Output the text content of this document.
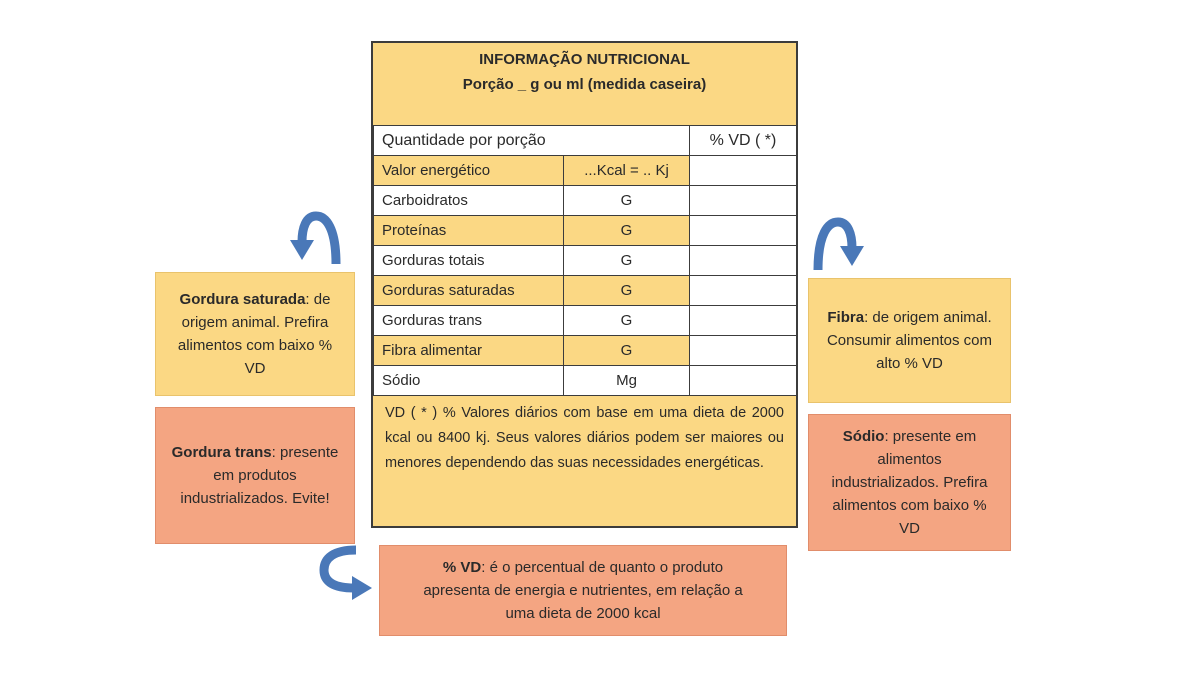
INFORMAÇÃO NUTRICIONAL
Porção _ g ou ml (medida caseira)
Quantidade por porção		% VD ( *)
Valor energético	...Kcal = .. Kj	
Carboidratos	G	
Proteínas	G	
Gorduras totais	G	
Gorduras saturadas	G	
Gorduras trans	G	
Fibra alimentar	G	
Sódio	Mg	
VD ( * ) % Valores diários com base em uma dieta de 2000 kcal ou 8400 kj. Seus valores diários podem ser maiores ou menores dependendo das suas necessidades energéticas.
Gordura saturada: de origem animal. Prefira alimentos com baixo % VD
Gordura trans: presente em produtos industrializados. Evite!
Fibra: de origem animal. Consumir alimentos com alto % VD
Sódio: presente em alimentos industrializados. Prefira alimentos com baixo % VD
% VD: é o percentual de quanto o produto apresenta de energia e nutrientes, em relação a uma dieta de 2000 kcal
